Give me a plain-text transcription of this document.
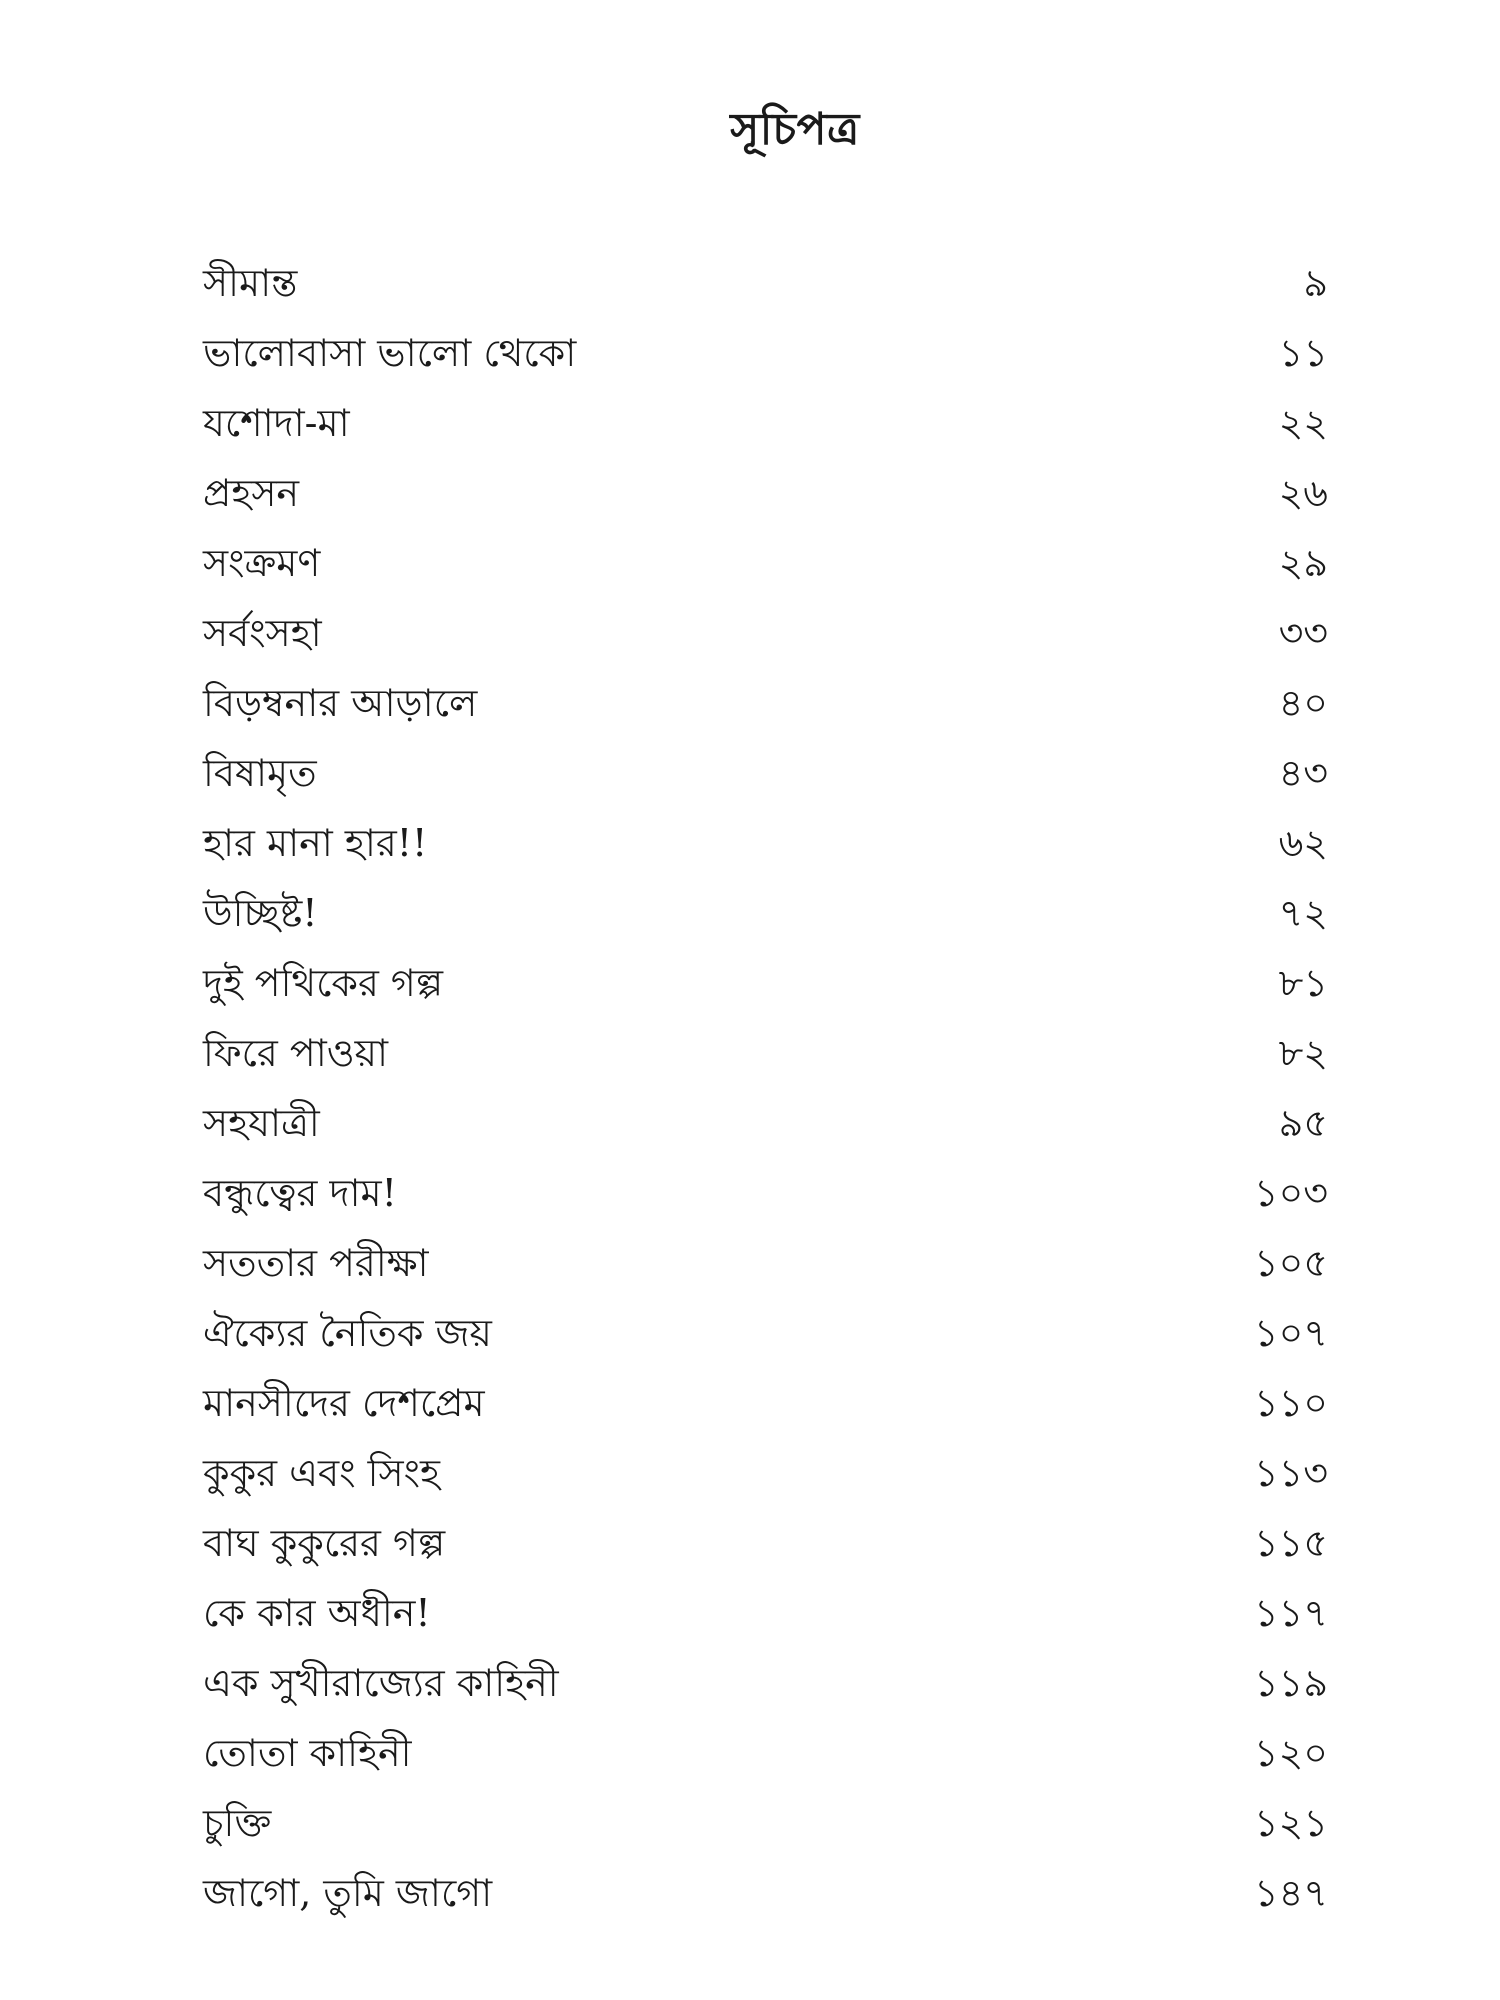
সূচিপত্র
সীমান্ত	৯
ভালোবাসা ভালো থেকো	১১
যশোদা-মা	২২
প্রহসন	২৬
সংক্রমণ	২৯
সর্বংসহা	৩৩
বিড়ম্বনার আড়ালে	৪০
বিষামৃত	৪৩
হার মানা হার!!	৬২
উচ্ছিষ্ট!	৭২
দুই পথিকের গল্প	৮১
ফিরে পাওয়া	৮২
সহযাত্রী	৯৫
বন্ধুত্বের দাম!	১০৩
সততার পরীক্ষা	১০৫
ঐক্যের নৈতিক জয়	১০৭
মানসীদের দেশপ্রেম	১১০
কুকুর এবং সিংহ	১১৩
বাঘ কুকুরের গল্প	১১৫
কে কার অধীন!	১১৭
এক সুখীরাজ্যের কাহিনী	১১৯
তোতা কাহিনী	১২০
চুক্তি	১২১
জাগো, তুমি জাগো	১৪৭
